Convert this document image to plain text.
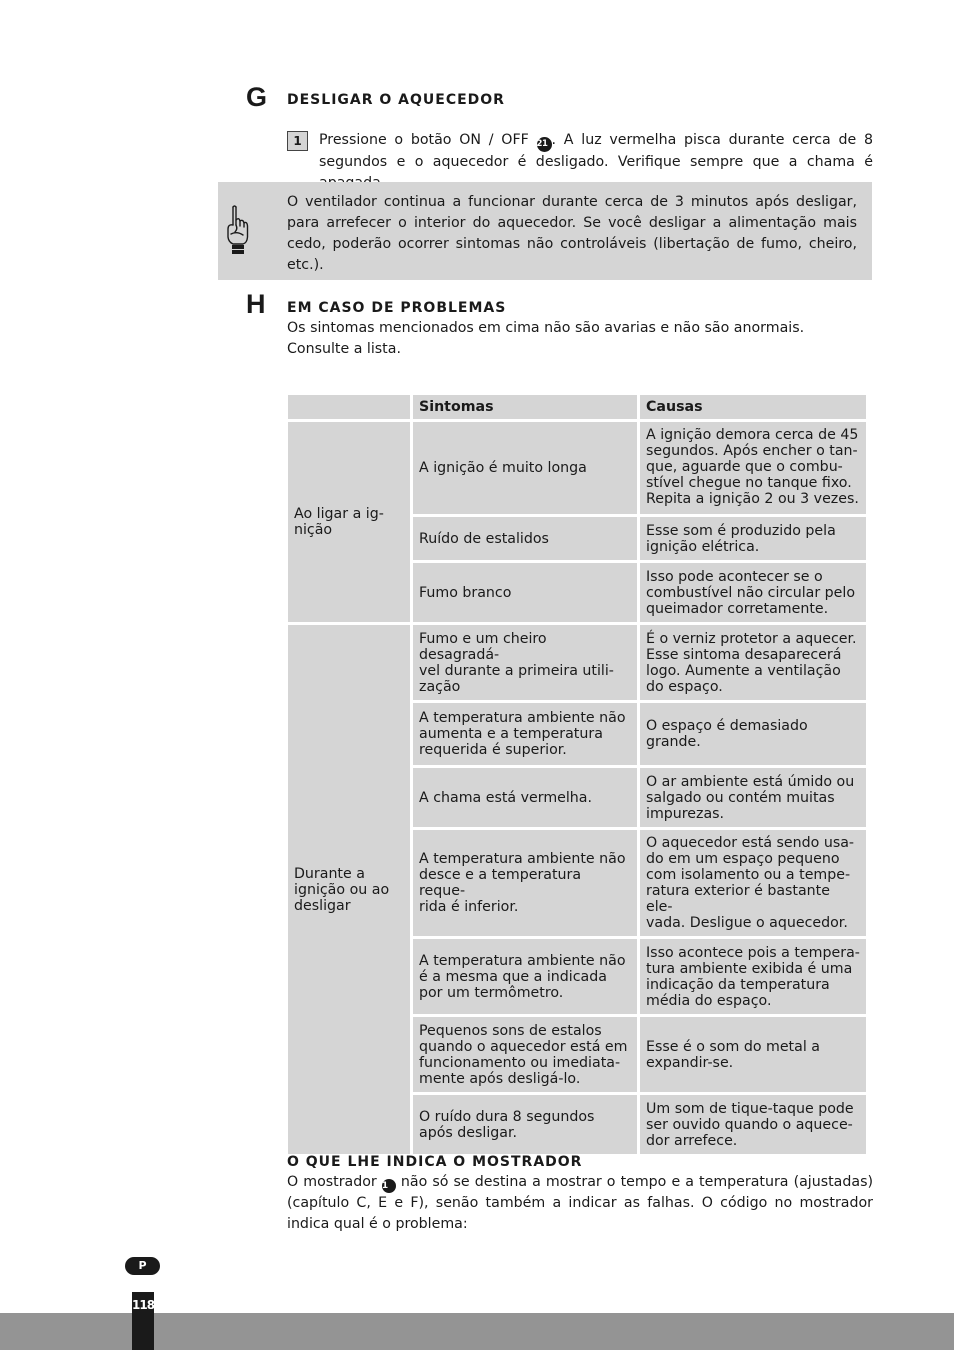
G DESLIGAR O AQUECEDOR
1	Pressione o botão ON / OFF 21 . A luz vermelha pisca durante cerca de 8 segundos e o aquecedor é desligado. Verifique sempre que a chama é
O ventilador continua a funcionar durante cerca de 3 minutos após desligar, para arrefecer o interior do aquecedor. Se você desligar a alimentação mais cedo, poderão ocorrer sintomas não controláveis (libertação de fumo, cheiro, etc.).
H EM CASO DE PROBLEMAS
Os sintomas mencionados em cima não são avarias e não são anormais.
Consulte a lista.
	Sintomas	Causas
Ao ligar a ig-
nição	A ignição é muito longa	A ignição demora cerca de 45 segundos. Após encher o tan-
que, aguarde que o combu-
stível chegue no tanque fixo. Repita a ignição 2 ou 3 vezes.
	Ruído de estalidos	Esse som é produzido pela ignição elétrica.
	Fumo branco	Isso pode acontecer se o combustível não circular pelo queimador corretamente.
Durante a ignição ou ao desligar	Fumo e um cheiro desagradá-
vel durante a primeira utili-
zação	É o verniz protetor a aquecer. Esse sintoma desaparecerá logo. Aumente a ventilação do espaço.
	A temperatura ambiente não aumenta e a temperatura requerida é superior.	O espaço é demasiado grande.
	A chama está vermelha.	O ar ambiente está úmido ou salgado ou contém muitas impurezas.
	A temperatura ambiente não desce e a temperatura reque-
rida é inferior.	O aquecedor está sendo usa-
do em um espaço pequeno com isolamento ou a tempe-
ratura exterior é bastante ele-
vada. Desligue o aquecedor.
	A temperatura ambiente não é a mesma que a indicada por um termômetro.	Isso acontece pois a tempera-
tura ambiente exibida é uma indicação da temperatura média do espaço.
	Pequenos sons de estalos quando o aquecedor está em funcionamento ou imediata-
mente após desligá-lo.	Esse é o som do metal a expandir-se.
	O ruído dura 8 segundos após desligar.	Um som de tique-taque pode ser ouvido quando o aquece-
dor arrefece.
O QUE LHE INDICA O MOSTRADOR
O mostrador 1 não só se destina a mostrar o tempo e a temperatura (ajustadas) (capítulo C, E e F), senão também a indicar as falhas. O código no mostrador indica qual é o problema:
P
118
